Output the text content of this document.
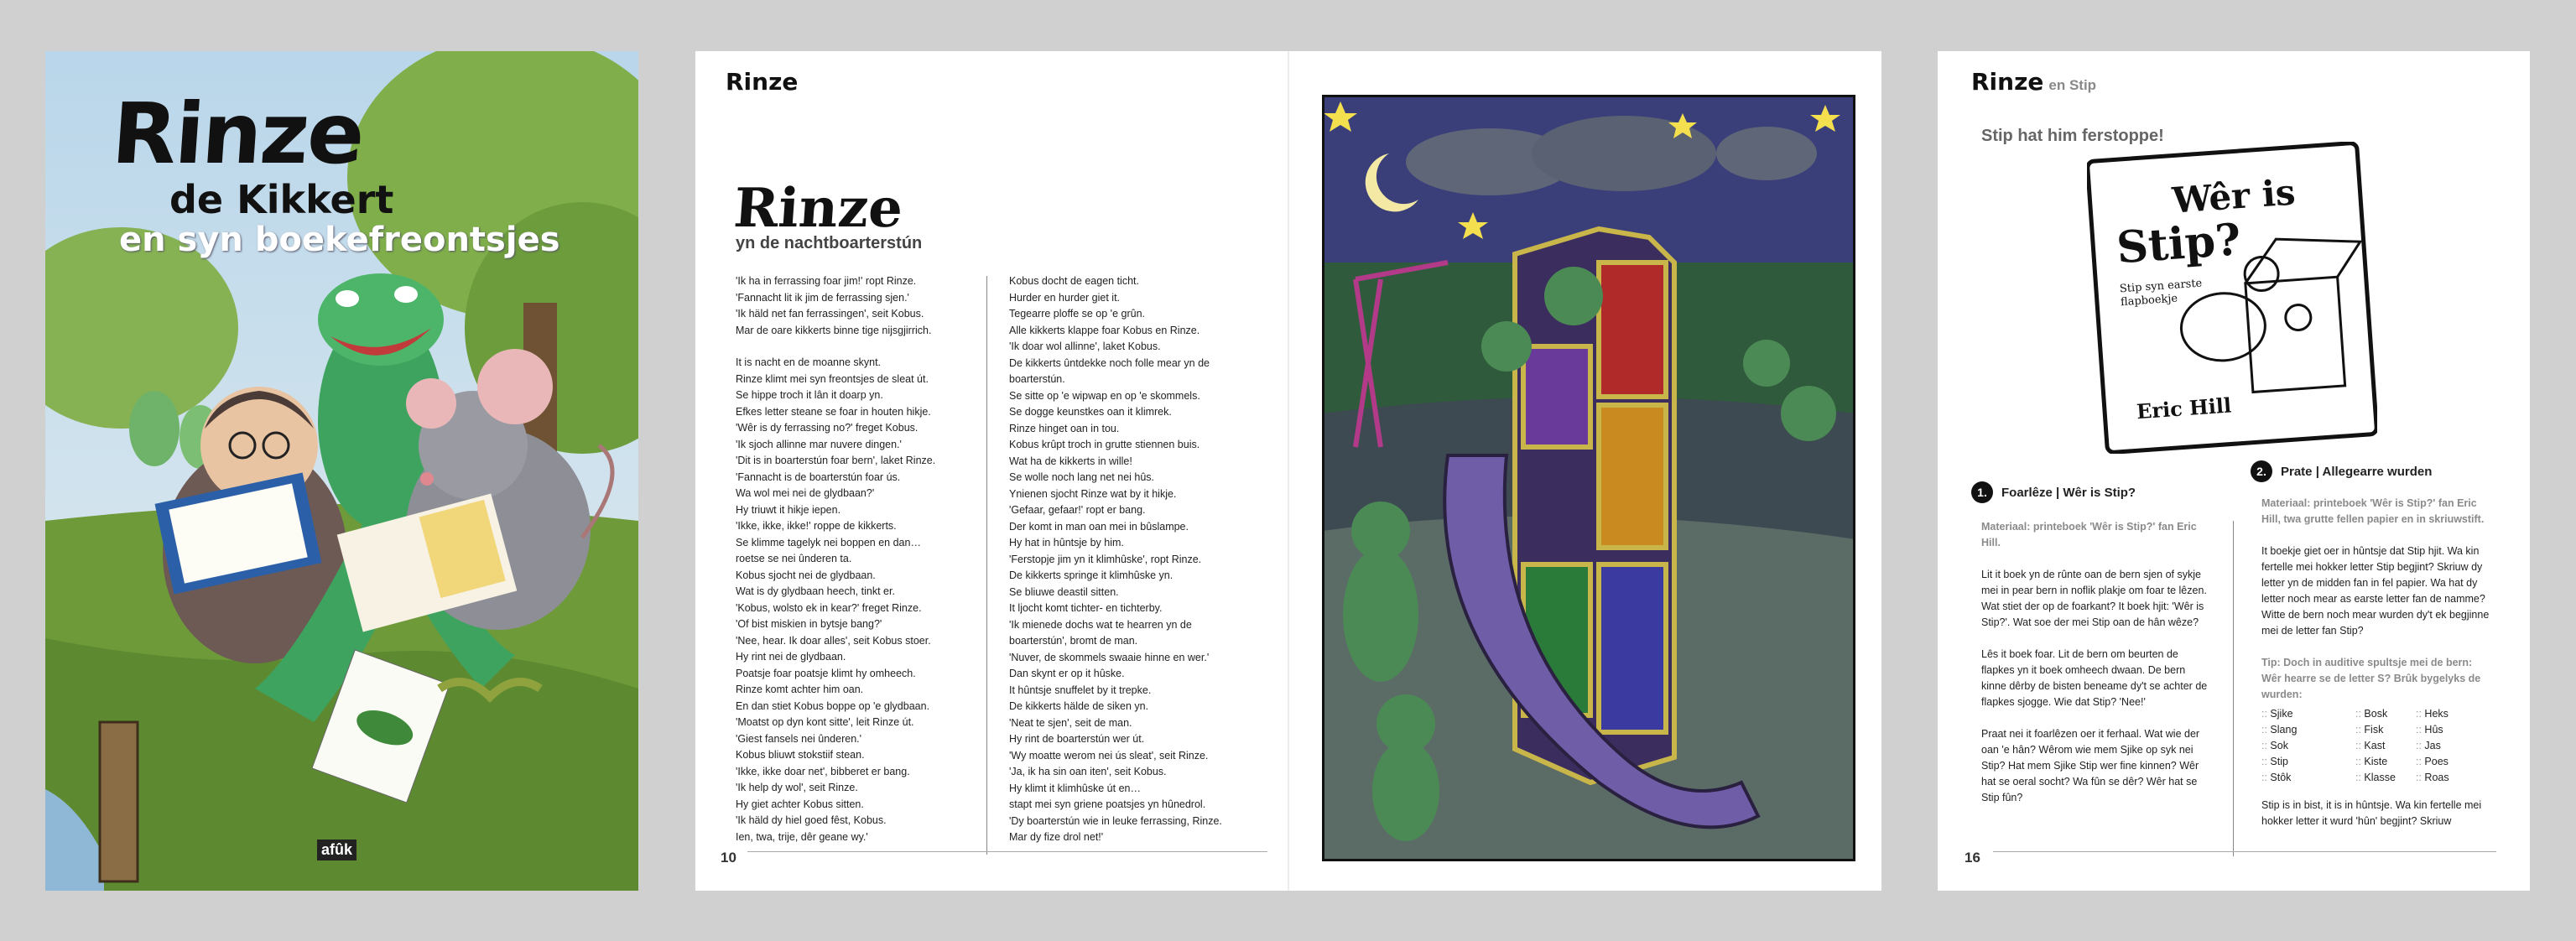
Rinze
de Kikkert
en syn boekefreontsjes
afûk
Rinze
Rinze
yn de nachtboarterstún

'Ik ha in ferrassing foar jim!' ropt Rinze.

'Fannacht lit ik jim de ferrassing sjen.'

'Ik häld net fan ferrassingen', seit Kobus.

Mar de oare kikkerts binne tige nijsgjirrich.

It is nacht en de moanne skynt.

Rinze klimt mei syn freontsjes de sleat út.

Se hippe troch it lân it doarp yn.

Efkes letter steane se foar in houten hikje.

'Wêr is dy ferrassing no?' freget Kobus.

'Ik sjoch allinne mar nuvere dingen.'

'Dit is in boarterstún foar bern', laket Rinze.

'Fannacht is de boarterstún foar ús.

Wa wol mei nei de glydbaan?'

Hy triuwt it hikje iepen.

'Ikke, ikke, ikke!' roppe de kikkerts.

Se klimme tagelyk nei boppen en dan…

roetse se nei ûnderen ta.

Kobus sjocht nei de glydbaan.

Wat is dy glydbaan heech, tinkt er.

'Kobus, wolsto ek in kear?' freget Rinze.

'Of bist miskien in bytsje bang?'

'Nee, hear. Ik doar alles', seit Kobus stoer.

Hy rint nei de glydbaan.

Poatsje foar poatsje klimt hy omheech.

Rinze komt achter him oan.

En dan stiet Kobus boppe op 'e glydbaan.

'Moatst op dyn kont sitte', leit Rinze út.

'Giest fansels nei ûnderen.'

Kobus bliuwt stokstiif stean.

'Ikke, ikke doar net', bibberet er bang.

'Ik help dy wol', seit Rinze.

Hy giet achter Kobus sitten.

'Ik häld dy hiel goed fêst, Kobus.

Ien, twa, trije, dêr geane wy.'

Kobus docht de eagen ticht.

Hurder en hurder giet it.

Tegearre ploffe se op 'e grûn.

Alle kikkerts klappe foar Kobus en Rinze.

'Ik doar wol allinne', laket Kobus.

De kikkerts ûntdekke noch folle mear yn de

boarterstún.

Se sitte op 'e wipwap en op 'e skommels.

Se dogge keunstkes oan it klimrek.

Rinze hinget oan in tou.

Kobus krûpt troch in grutte stiennen buis.

Wat ha de kikkerts in wille!

Se wolle noch lang net nei hûs.

Ynienen sjocht Rinze wat by it hikje.

'Gefaar, gefaar!' ropt er bang.

Der komt in man oan mei in bûslampe.

Hy hat in hûntsje by him.

'Ferstopje jim yn it klimhûske', ropt Rinze.

De kikkerts springe it klimhûske yn.

Se bliuwe deastil sitten.

It ljocht komt tichter- en tichterby.

'Ik mienede dochs wat te hearren yn de

boarterstún', bromt de man.

'Nuver, de skommels swaaie hinne en wer.'

Dan skynt er op it hûske.

It hûntsje snuffelet by it trepke.

De kikkerts hälde de siken yn.

'Neat te sjen', seit de man.

Hy rint de boarterstún wer út.

'Wy moatte werom nei ús sleat', seit Rinze.

'Ja, ik ha sin oan iten', seit Kobus.

Hy klimt it klimhûske út en…

stapt mei syn griene poatsjes yn hûnedrol.

'Dy boarterstún wie in leuke ferrassing, Rinze.

Mar dy fize drol net!'

10
Rinze en Stip
Stip hat him ferstoppe!
Wêr is
Stip?
Stip syn earste
flapboekje
Eric Hill
1.	Foarlêze | Wêr is Stip?

Materiaal: printeboek 'Wêr is Stip?' fan Eric Hill.

Lit it boek yn de rûnte oan de bern sjen of sykje mei in pear bern in noflik plakje om foar te lêzen. Wat stiet der op de foarkant? It boek hjit: 'Wêr is Stip?'. Wat soe der mei Stip oan de hân wêze?

Lês it boek foar. Lit de bern om beurten de flapkes yn it boek omheech dwaan. De bern kinne dêrby de bisten beneame dy't se achter de flapkes sjogge. Wie dat Stip? 'Nee!'

Praat nei it foarlêzen oer it ferhaal. Wat wie der oan 'e hân? Wêrom wie mem Sjike op syk nei Stip? Hat mem Sjike Stip wer fine kinnen? Wêr hat se oeral socht? Wa fûn se dêr? Wêr hat se Stip fûn?

2.	Prate | Allegearre wurden

Materiaal: printeboek 'Wêr is Stip?' fan Eric Hill, twa grutte fellen papier en in skriuwstift.

It boekje giet oer in hûntsje dat Stip hjit. Wa kin fertelle mei hokker letter Stip begjint? Skriuw dy letter yn de midden fan in fel papier. Wa hat dy letter noch mear as earste letter fan de namme? Witte de bern noch mear wurden dy't ek begjinne mei de letter fan Stip?

Tip: Doch in auditive spultsje mei de bern: Wêr hearre se de letter S? Brûk bygelyks de wurden:

:: Sjike	:: Bosk	:: Heks
:: Slang	:: Fisk	:: Hûs
:: Sok	:: Kast	:: Jas
:: Stip	:: Kiste	:: Poes
:: Stôk	:: Klasse	:: Roas

Stip is in bist, it is in hûntsje. Wa kin fertelle mei hokker letter it wurd 'hûn' begjint? Skriuw

16
